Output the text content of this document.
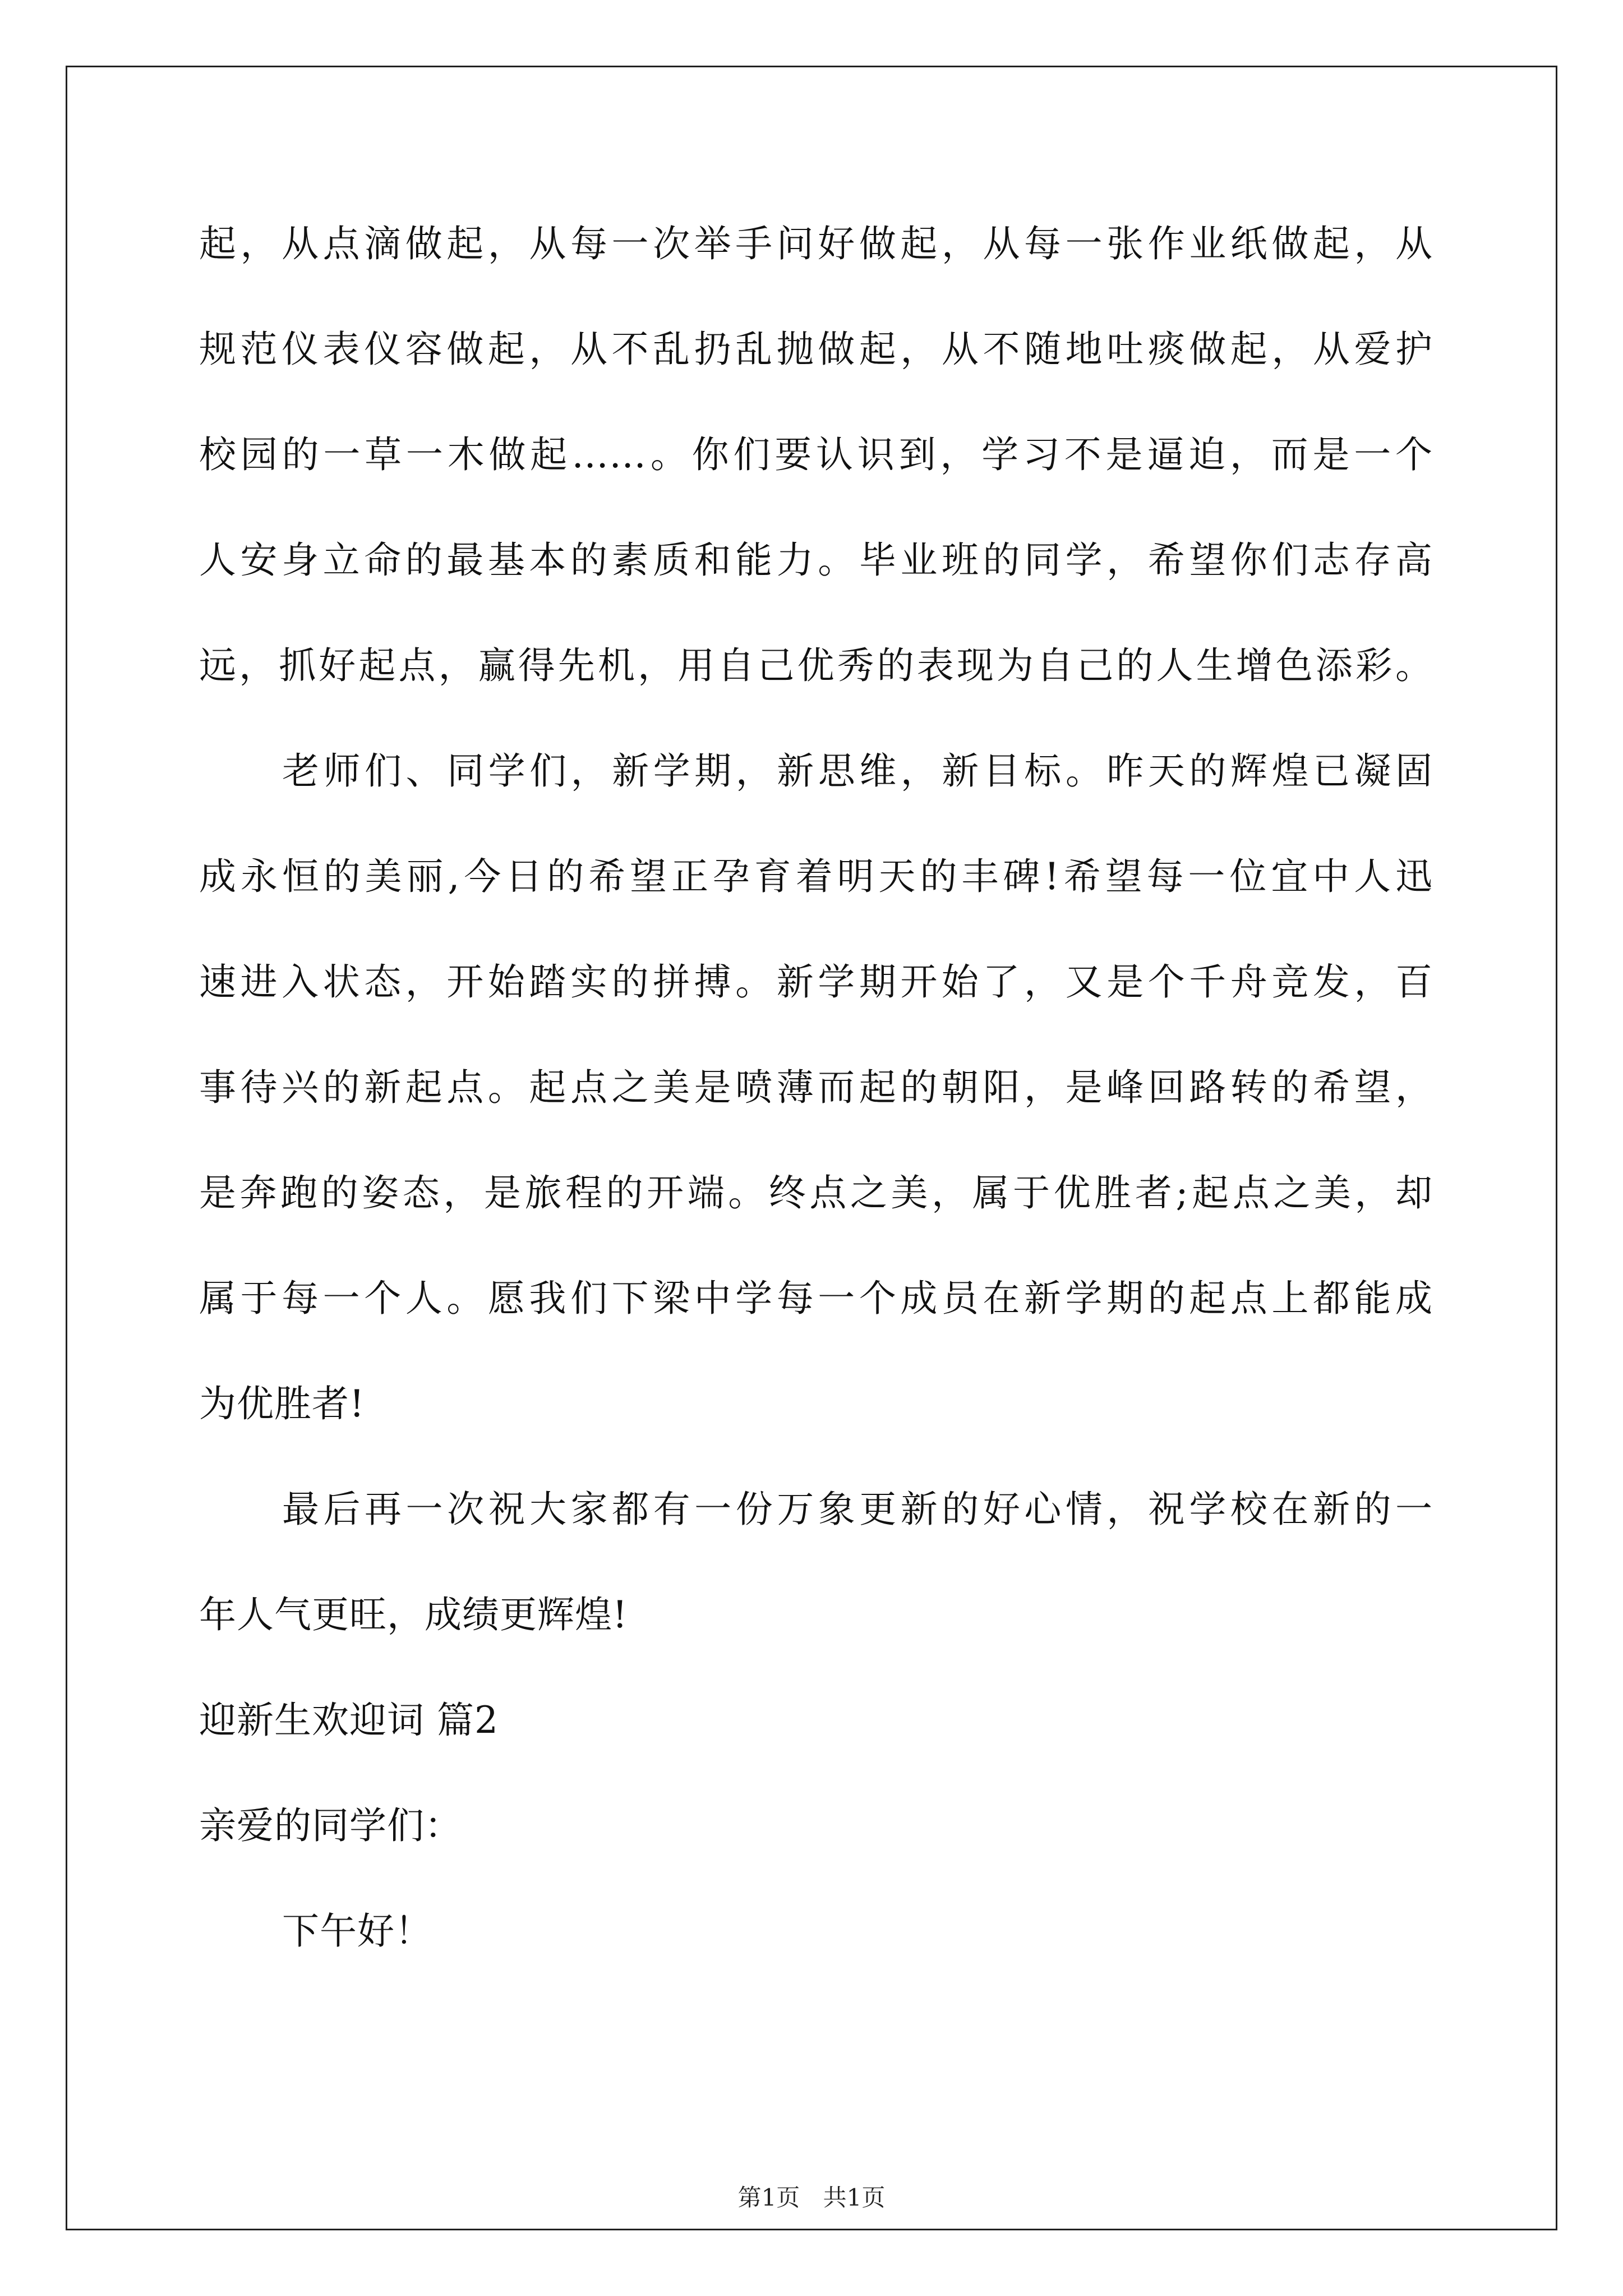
起，从点滴做起，从每一次举手问好做起，从每一张作业纸做起，从
规范仪表仪容做起，从不乱扔乱抛做起，从不随地吐痰做起，从爱护
校园的一草一木做起……。你们要认识到，学习不是逼迫，而是一个
人安身立命的最基本的素质和能力。毕业班的同学，希望你们志存高
远，抓好起点，赢得先机，用自己优秀的表现为自己的人生增色添彩。
老师们、同学们，新学期，新思维，新目标。昨天的辉煌已凝固
成永恒的美丽,今日的希望正孕育着明天的丰碑!希望每一位宜中人迅
速进入状态，开始踏实的拼搏。新学期开始了，又是个千舟竞发，百
事待兴的新起点。起点之美是喷薄而起的朝阳，是峰回路转的希望，
是奔跑的姿态，是旅程的开端。终点之美，属于优胜者;起点之美，却
属于每一个人。愿我们下梁中学每一个成员在新学期的起点上都能成
为优胜者!
最后再一次祝大家都有一份万象更新的好心情，祝学校在新的一
年人气更旺，成绩更辉煌!
迎新生欢迎词 篇2
亲爱的同学们：
下午好！
第1页 共1页
